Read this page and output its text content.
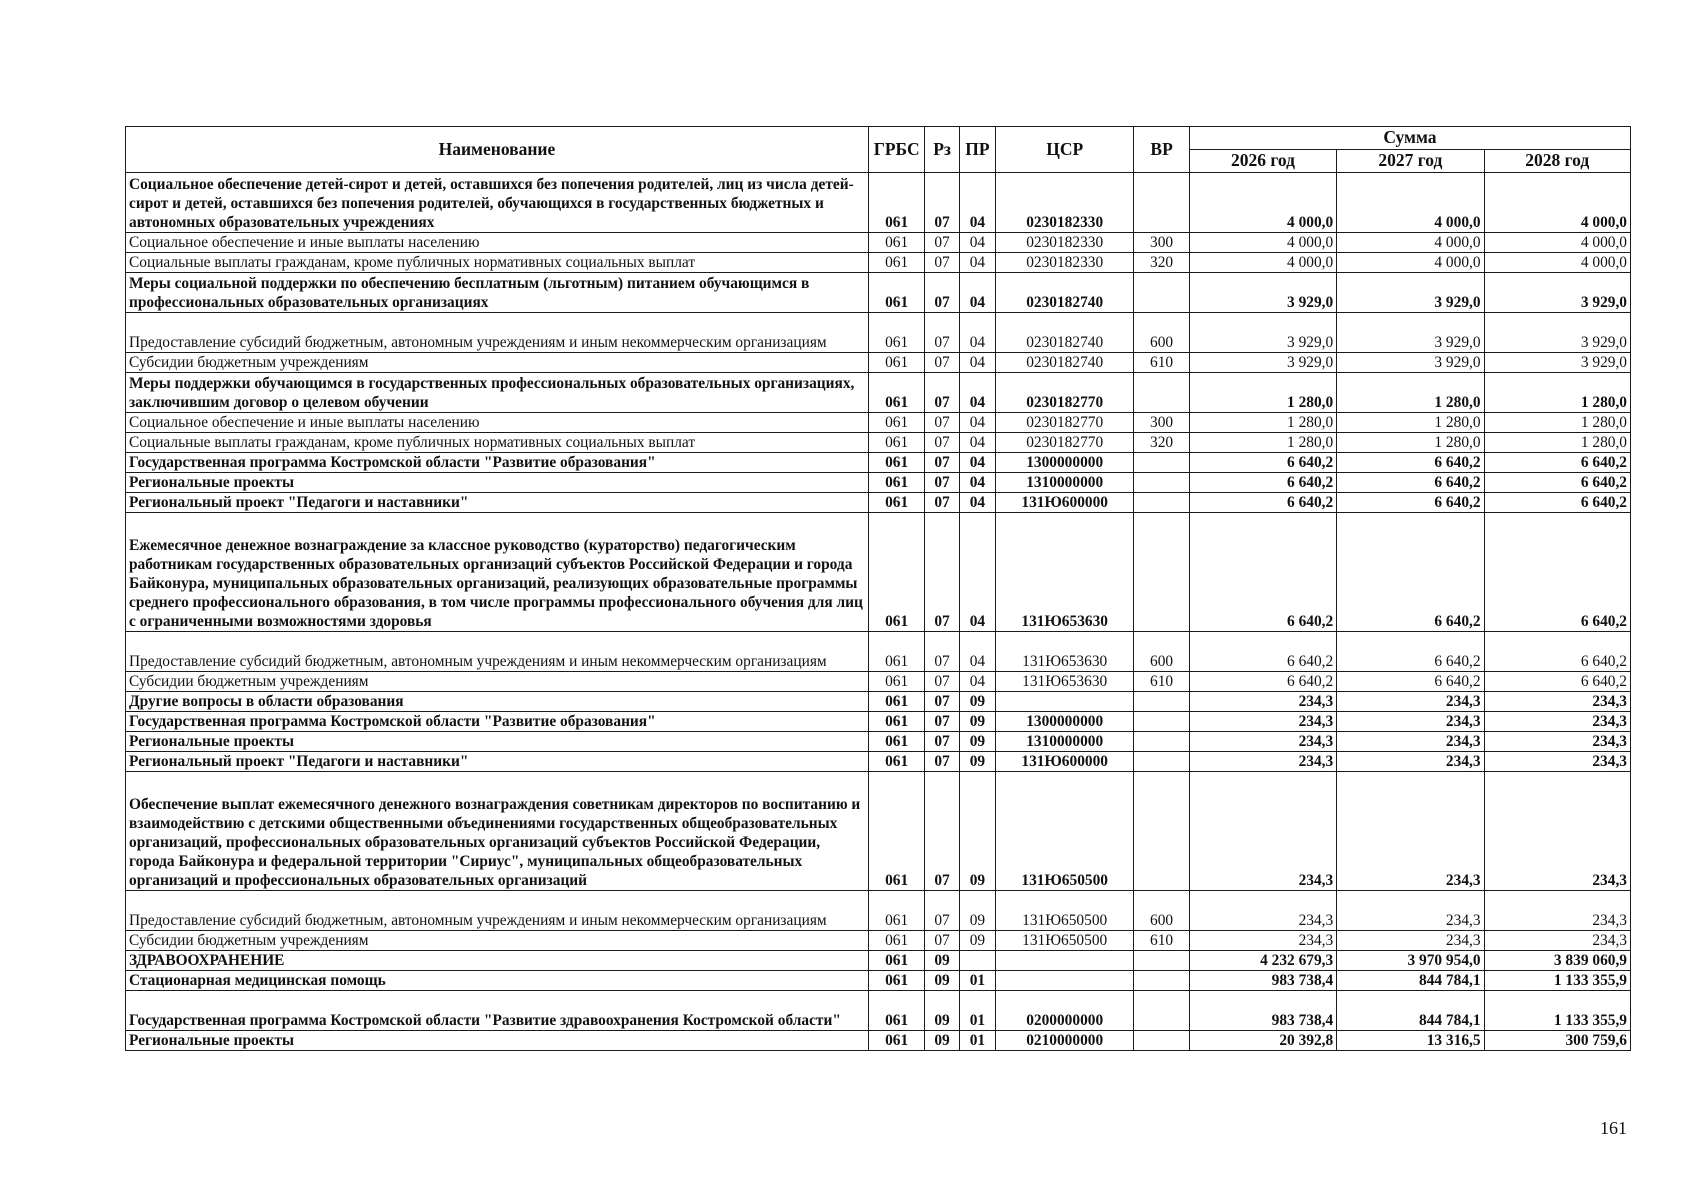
Наименование	ГРБС	Рз	ПР	ЦСР	ВР	Сумма		
						2026 год	2027 год	2028 год
Социальное обеспечение детей-сирот и детей, оставшихся без попечения родителей, лиц из числа детей-сирот и детей, оставшихся без попечения родителей, обучающихся в государственных бюджетных и автономных образовательных учреждениях	061	07	04	0230182330		4 000,0	4 000,0	4 000,0
Социальное обеспечение и иные выплаты населению	061	07	04	0230182330	300	4 000,0	4 000,0	4 000,0
Социальные выплаты гражданам, кроме публичных нормативных социальных выплат	061	07	04	0230182330	320	4 000,0	4 000,0	4 000,0
Меры социальной поддержки по обеспечению бесплатным (льготным) питанием обучающимся в профессиональных образовательных организациях	061	07	04	0230182740		3 929,0	3 929,0	3 929,0
Предоставление субсидий бюджетным, автономным учреждениям и иным некоммерческим организациям	061	07	04	0230182740	600	3 929,0	3 929,0	3 929,0
Субсидии бюджетным учреждениям	061	07	04	0230182740	610	3 929,0	3 929,0	3 929,0
Меры поддержки обучающимся в государственных профессиональных образовательных организациях, заключившим договор о целевом обучении	061	07	04	0230182770		1 280,0	1 280,0	1 280,0
Социальное обеспечение и иные выплаты населению	061	07	04	0230182770	300	1 280,0	1 280,0	1 280,0
Социальные выплаты гражданам, кроме публичных нормативных социальных выплат	061	07	04	0230182770	320	1 280,0	1 280,0	1 280,0
Государственная программа Костромской области "Развитие образования"	061	07	04	1300000000		6 640,2	6 640,2	6 640,2
Региональные проекты	061	07	04	1310000000		6 640,2	6 640,2	6 640,2
Региональный проект "Педагоги и наставники"	061	07	04	131Ю600000		6 640,2	6 640,2	6 640,2
Ежемесячное денежное вознаграждение за классное руководство (кураторство) педагогическим работникам государственных образовательных организаций субъектов Российской Федерации и города Байконура, муниципальных образовательных организаций, реализующих образовательные программы среднего профессионального образования, в том числе программы профессионального обучения для лиц с ограниченными возможностями здоровья	061	07	04	131Ю653630		6 640,2	6 640,2	6 640,2
Предоставление субсидий бюджетным, автономным учреждениям и иным некоммерческим организациям	061	07	04	131Ю653630	600	6 640,2	6 640,2	6 640,2
Субсидии бюджетным учреждениям	061	07	04	131Ю653630	610	6 640,2	6 640,2	6 640,2
Другие вопросы в области образования	061	07	09			234,3	234,3	234,3
Государственная программа Костромской области "Развитие образования"	061	07	09	1300000000		234,3	234,3	234,3
Региональные проекты	061	07	09	1310000000		234,3	234,3	234,3
Региональный проект "Педагоги и наставники"	061	07	09	131Ю600000		234,3	234,3	234,3
Обеспечение выплат ежемесячного денежного вознаграждения советникам директоров по воспитанию и взаимодействию с детскими общественными объединениями государственных общеобразовательных организаций, профессиональных образовательных организаций субъектов Российской Федерации, города Байконура и федеральной территории "Сириус", муниципальных общеобразовательных организаций и профессиональных образовательных организаций	061	07	09	131Ю650500		234,3	234,3	234,3
Предоставление субсидий бюджетным, автономным учреждениям и иным некоммерческим организациям	061	07	09	131Ю650500	600	234,3	234,3	234,3
Субсидии бюджетным учреждениям	061	07	09	131Ю650500	610	234,3	234,3	234,3
ЗДРАВООХРАНЕНИЕ	061	09				4 232 679,3	3 970 954,0	3 839 060,9
Стационарная медицинская помощь	061	09	01			983 738,4	844 784,1	1 133 355,9
Государственная программа Костромской области "Развитие здравоохранения Костромской области"	061	09	01	0200000000		983 738,4	844 784,1	1 133 355,9
Региональные проекты	061	09	01	0210000000		20 392,8	13 316,5	300 759,6
161
